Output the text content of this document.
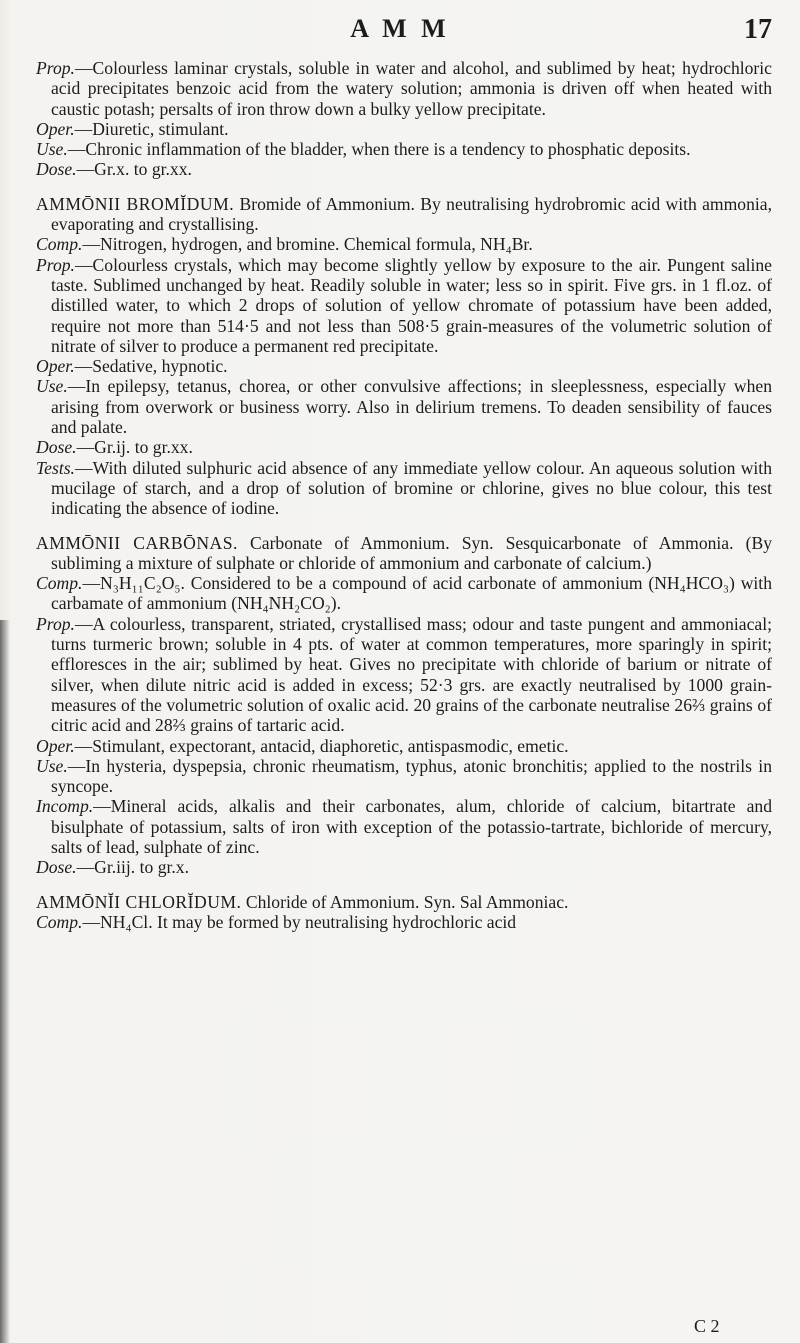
A M M	17

Prop.—Colourless laminar crystals, soluble in water and alcohol, and sublimed by heat; hydrochloric acid precipitates benzoic acid from the watery solution; ammonia is driven off when heated with caustic potash; persalts of iron throw down a bulky yellow precipitate.

Oper.—Diuretic, stimulant.

Use.—Chronic inflammation of the bladder, when there is a tendency to phosphatic deposits.

Dose.—Gr.x. to gr.xx.

AMMŌNII BROMĬDUM. Bromide of Ammonium. By neutralising hydrobromic acid with ammonia, evaporating and crystallising.

Comp.—Nitrogen, hydrogen, and bromine. Chemical formula, NH₄Br.

Prop.—Colourless crystals, which may become slightly yellow by exposure to the air. Pungent saline taste. Sublimed unchanged by heat. Readily soluble in water; less so in spirit. Five grs. in 1 fl.oz. of distilled water, to which 2 drops of solution of yellow chromate of potassium have been added, require not more than 514·5 and not less than 508·5 grain-measures of the volumetric solution of nitrate of silver to produce a permanent red precipitate.

Oper.—Sedative, hypnotic.

Use.—In epilepsy, tetanus, chorea, or other convulsive affections; in sleeplessness, especially when arising from overwork or business worry. Also in delirium tremens. To deaden sensibility of fauces and palate.

Dose.—Gr.ij. to gr.xx.

Tests.—With diluted sulphuric acid absence of any immediate yellow colour. An aqueous solution with mucilage of starch, and a drop of solution of bromine or chlorine, gives no blue colour, this test indicating the absence of iodine.

AMMŌNII CARBŌNAS. Carbonate of Ammonium. Syn. Sesquicarbonate of Ammonia. (By subliming a mixture of sulphate or chloride of ammonium and carbonate of calcium.)

Comp.—N₃H₁₁C₂O₅. Considered to be a compound of acid carbonate of ammonium (NH₄HCO₃) with carbamate of ammonium (NH₄NH₂CO₂).

Prop.—A colourless, transparent, striated, crystallised mass; odour and taste pungent and ammoniacal; turns turmeric brown; soluble in 4 pts. of water at common temperatures, more sparingly in spirit; effloresces in the air; sublimed by heat. Gives no precipitate with chloride of barium or nitrate of silver, when dilute nitric acid is added in excess; 52·3 grs. are exactly neutralised by 1000 grain-measures of the volumetric solution of oxalic acid. 20 grains of the carbonate neutralise 26⅔ grains of citric acid and 28⅔ grains of tartaric acid.

Oper.—Stimulant, expectorant, antacid, diaphoretic, antispasmodic, emetic.

Use.—In hysteria, dyspepsia, chronic rheumatism, typhus, atonic bronchitis; applied to the nostrils in syncope.

Incomp.—Mineral acids, alkalis and their carbonates, alum, chloride of calcium, bitartrate and bisulphate of potassium, salts of iron with exception of the potassio-tartrate, bichloride of mercury, salts of lead, sulphate of zinc.

Dose.—Gr.iij. to gr.x.

AMMŌNĬI CHLORĬDUM. Chloride of Ammonium. Syn. Sal Ammoniac.

Comp.—NH₄Cl. It may be formed by neutralising hydrochloric acid

C 2
